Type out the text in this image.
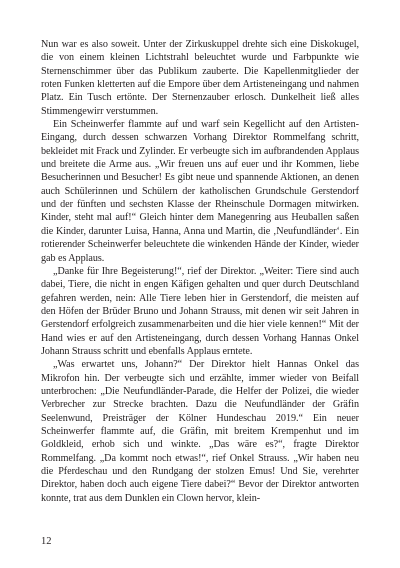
Nun war es also soweit. Unter der Zirkuskuppel drehte sich eine Diskokugel, die von einem kleinen Lichtstrahl beleuchtet wurde und Farbpunkte wie Sternenschimmer über das Publikum zauberte. Die Kapellenmitglieder der roten Funken kletterten auf die Empore über dem Artisteneingang und nahmen Platz. Ein Tusch ertönte. Der Sternenzauber erlosch. Dunkelheit ließ alles Stimmengewirr verstummen.

Ein Scheinwerfer flammte auf und warf sein Kegellicht auf den Artisten-Eingang, durch dessen schwarzen Vorhang Direktor Rommelfang schritt, bekleidet mit Frack und Zylinder. Er verbeugte sich im aufbrandenden Applaus und breitete die Arme aus. „Wir freuen uns auf euer und ihr Kommen, liebe Besucherinnen und Besucher! Es gibt neue und spannende Aktionen, an denen auch Schülerinnen und Schülern der katholischen Grundschule Gerstendorf und der fünften und sechsten Klasse der Rheinschule Dormagen mitwirken. Kinder, steht mal auf!“ Gleich hinter dem Manegenring aus Heuballen saßen die Kinder, darunter Luisa, Hanna, Anna und Martin, die ‚Neufundländer‘. Ein rotierender Scheinwerfer beleuchtete die winkenden Hände der Kinder, wieder gab es Applaus.

„Danke für Ihre Begeisterung!“, rief der Direktor. „Weiter: Tiere sind auch dabei, Tiere, die nicht in engen Käfigen gehalten und quer durch Deutschland gefahren werden, nein: Alle Tiere leben hier in Gerstendorf, die meisten auf den Höfen der Brüder Bruno und Johann Strauss, mit denen wir seit Jahren in Gerstendorf erfolgreich zusammenarbeiten und die hier viele kennen!“ Mit der Hand wies er auf den Artisteneingang, durch dessen Vorhang Hannas Onkel Johann Strauss schritt und ebenfalls Applaus erntete.

„Was erwartet uns, Johann?“ Der Direktor hielt Hannas Onkel das Mikrofon hin. Der verbeugte sich und erzählte, immer wieder von Beifall unterbrochen: „Die Neufundländer-Parade, die Helfer der Polizei, die wieder Verbrecher zur Strecke brachten. Dazu die Neufundländer der Gräfin Seelenwund, Preisträger der Kölner Hundeschau 2019.“ Ein neuer Scheinwerfer flammte auf, die Gräfin, mit breitem Krempenhut und im Goldkleid, erhob sich und winkte. „Das wäre es?“, fragte Direktor Rommelfang. „Da kommt noch etwas!“, rief Onkel Strauss. „Wir haben neu die Pferdeschau und den Rundgang der stolzen Emus! Und Sie, verehrter Direktor, haben doch auch eigene Tiere dabei?“ Bevor der Direktor antworten konnte, trat aus dem Dunklen ein Clown hervor, klein-

12
